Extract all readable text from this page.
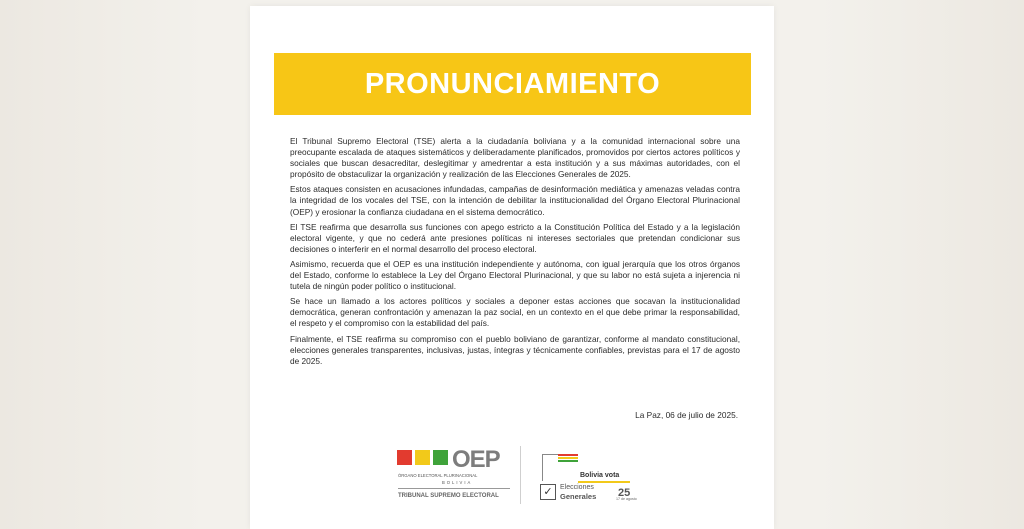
PRONUNCIAMIENTO

El Tribunal Supremo Electoral (TSE) alerta a la ciudadanía boliviana y a la comunidad internacional sobre una preocupante escalada de ataques sistemáticos y deliberadamente planificados, promovidos por ciertos actores políticos y sociales que buscan desacreditar, deslegitimar y amedrentar a esta institución y a sus máximas autoridades, con el propósito de obstaculizar la organización y realización de las Elecciones Generales de 2025.

Estos ataques consisten en acusaciones infundadas, campañas de desinformación mediática y amenazas veladas contra la integridad de los vocales del TSE, con la intención de debilitar la institucionalidad del Órgano Electoral Plurinacional (OEP) y erosionar la confianza ciudadana en el sistema democrático.

El TSE reafirma que desarrolla sus funciones con apego estricto a la Constitución Política del Estado y a la legislación electoral vigente, y que no cederá ante presiones políticas ni intereses sectoriales que pretendan condicionar sus decisiones o interferir en el normal desarrollo del proceso electoral.

Asimismo, recuerda que el OEP es una institución independiente y autónoma, con igual jerarquía que los otros órganos del Estado, conforme lo establece la Ley del Órgano Electoral Plurinacional, y que su labor no está sujeta a injerencia ni tutela de ningún poder político o institucional.

Se hace un llamado a los actores políticos y sociales a deponer estas acciones que socavan la institucionalidad democrática, generan confrontación y amenazan la paz social, en un contexto en el que debe primar la responsabilidad, el respeto y el compromiso con la estabilidad del país.

Finalmente, el TSE reafirma su compromiso con el pueblo boliviano de garantizar, conforme al mandato constitucional, elecciones generales transparentes, inclusivas, justas, íntegras y técnicamente confiables, previstas para el 17 de agosto de 2025.

La Paz, 06 de julio de 2025.
OEP
ÓRGANO ELECTORAL PLURINACIONAL
BOLIVIA
TRIBUNAL SUPREMO ELECTORAL
Bolivia vota
✓	Elecciones
Generales 25
17 de agosto
